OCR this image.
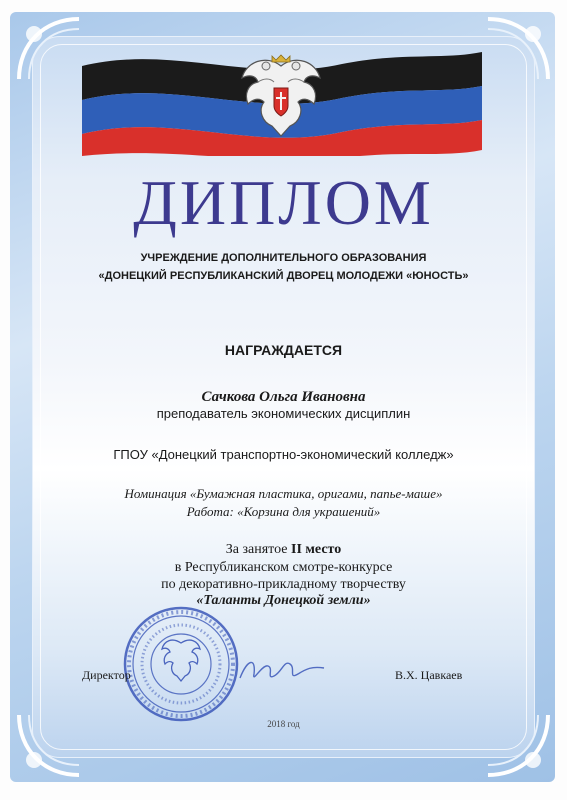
ДИПЛОМ
УЧРЕЖДЕНИЕ ДОПОЛНИТЕЛЬНОГО ОБРАЗОВАНИЯ
«ДОНЕЦКИЙ РЕСПУБЛИКАНСКИЙ ДВОРЕЦ МОЛОДЕЖИ «ЮНОСТЬ»
НАГРАЖДАЕТСЯ
Сачкова Ольга Ивановна
преподаватель экономических дисциплин
ГПОУ «Донецкий транспортно-экономический колледж»
Номинация «Бумажная пластика, оригами, папье-маше»
Работа: «Корзина для украшений»
За занятое II место
в Республиканском смотре-конкурсе
по декоративно-прикладному творчеству
«Таланты Донецкой земли»
Директор	В.Х. Цавкаев
2018 год
